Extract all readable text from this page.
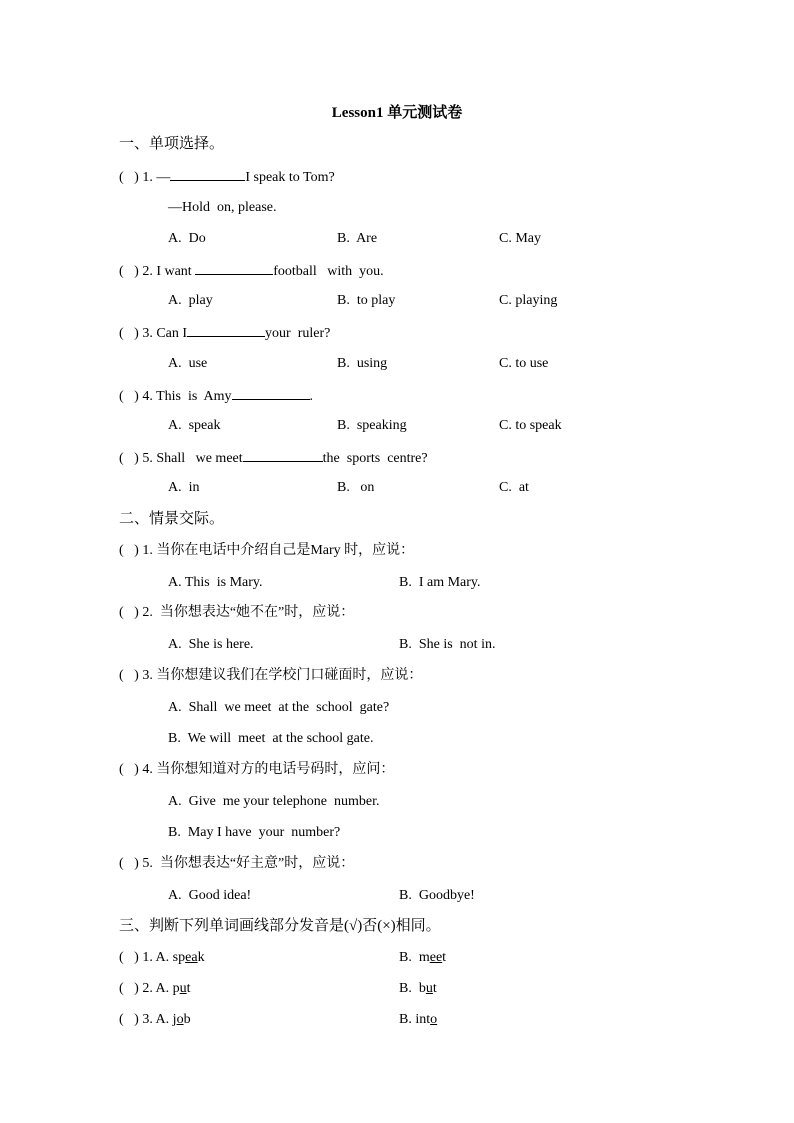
Lesson1 单元测试卷
一、单项选择。
(   ) 1. —	I speak to Tom?
—Hold  on, please.
A.  Do	B.  Are	C. May
(   ) 2. I want	football   with  you.
A.  play	B.  to play	C. playing
(   ) 3. Can I	your  ruler?
A.  use	B.  using	C. to use
(   ) 4. This  is  Amy	.
A.  speak	B.  speaking	C. to speak
(   ) 5. Shall   we meet	the  sports  centre?
A.  in	B.   on	C.  at
二、情景交际。
(   ) 1. 当你在电话中介绍自己是Mary 时，应说：
A. This  is Mary.	B.  I am Mary.
(   ) 2.  当你想表达“她不在”时，应说：
A.  She is here.	B.  She is  not in.
(   ) 3. 当你想建议我们在学校门口碰面时，应说：
A.  Shall  we meet  at the  school  gate?
B.  We will  meet  at the school gate.
(   ) 4. 当你想知道对方的电话号码时，应问：
A.  Give  me your telephone  number.
B.  May I have  your  number?
(   ) 5.  当你想表达“好主意”时，应说：
A.  Good idea!	B.  Goodbye!
三、判断下列单词画线部分发音是(√)否(×)相同。
(   ) 1. A. speak	B.  meet
(   ) 2. A. put	B.  but
(   ) 3. A. job	B. into
